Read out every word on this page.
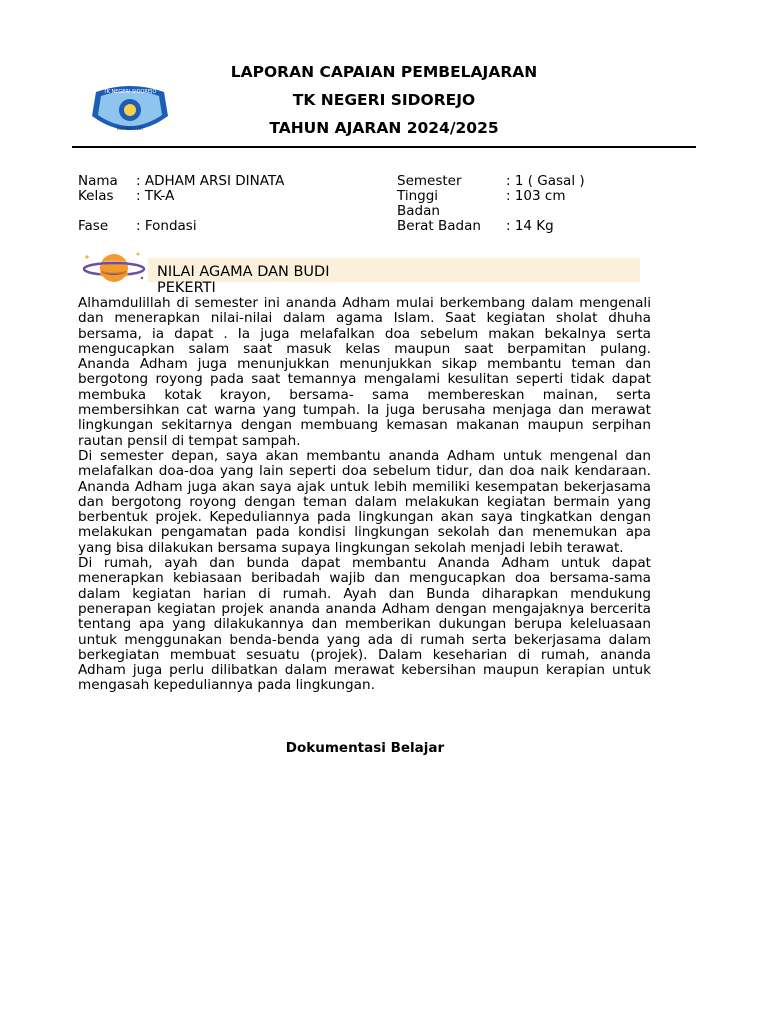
LAPORAN CAPAIAN PEMBELAJARAN
TK NEGERI SIDOREJO
TAHUN AJARAN 2024/2025
TK NEGERI SIDOREJO
RUMBO ILIR
Nama : ADHAM ARSI DINATA
Kelas : TK-A
Fase : Fondasi
Semester	: 1 ( Gasal )
Tinggi
Badan
: 103 cm
Berat Badan : 14 Kg
NILAI AGAMA DAN BUDI
PEKERTI

Alhamdulillah di semester ini ananda Adham mulai berkembang dalam mengenali dan menerapkan nilai-nilai dalam agama Islam. Saat kegiatan sholat dhuha bersama, ia dapat . Ia juga melafalkan doa sebelum makan bekalnya serta mengucapkan salam saat masuk kelas maupun saat berpamitan pulang.

Ananda Adham juga menunjukkan menunjukkan sikap membantu teman dan bergotong royong pada saat temannya mengalami kesulitan seperti tidak dapat membuka kotak krayon, bersama- sama membereskan mainan, serta membersihkan cat warna yang tumpah. Ia juga berusaha menjaga dan merawat lingkungan sekitarnya dengan membuang kemasan makanan maupun serpihan rautan pensil di tempat sampah.

Di semester depan, saya akan membantu ananda Adham untuk mengenal dan melafalkan doa-doa yang lain seperti doa sebelum tidur, dan doa naik kendaraan. Ananda Adham juga akan saya ajak untuk lebih memiliki kesempatan bekerjasama dan bergotong royong dengan teman dalam melakukan kegiatan bermain yang berbentuk projek. Kepeduliannya pada lingkungan akan saya tingkatkan dengan melakukan pengamatan pada kondisi lingkungan sekolah dan menemukan apa yang bisa dilakukan bersama supaya lingkungan sekolah menjadi lebih terawat.

Di rumah, ayah dan bunda dapat membantu Ananda Adham untuk dapat menerapkan kebiasaan beribadah wajib dan mengucapkan doa bersama-sama dalam kegiatan harian di rumah. Ayah dan Bunda diharapkan mendukung penerapan kegiatan projek ananda ananda Adham dengan mengajaknya bercerita tentang apa yang dilakukannya dan memberikan dukungan berupa keleluasaan untuk menggunakan benda-benda yang ada di rumah serta bekerjasama dalam berkegiatan membuat sesuatu (projek). Dalam keseharian di rumah, ananda Adham juga perlu dilibatkan dalam merawat kebersihan maupun kerapian untuk mengasah kepeduliannya pada lingkungan.

Dokumentasi Belajar
